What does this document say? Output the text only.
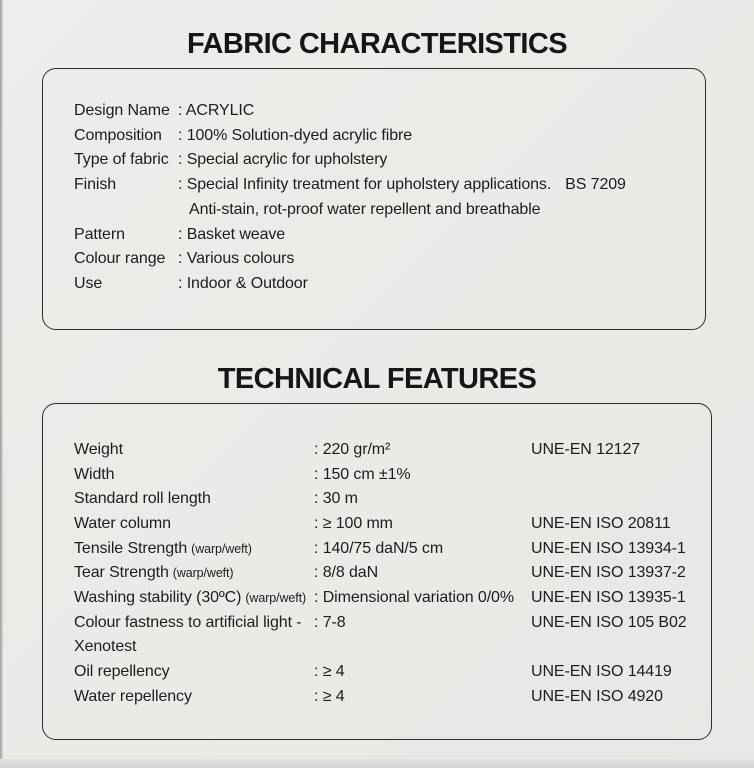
FABRIC CHARACTERISTICS
Design Name : ACRYLIC
Composition	: 100% Solution-dyed acrylic fibre
Type of fabric : Special acrylic for upholstery
Finish	: Special Infinity treatment for upholstery applications. BS 7209
Anti-stain, rot-proof water repellent and breathable
Pattern	: Basket weave
Colour range : Various colours
Use	: Indoor & Outdoor
TECHNICAL FEATURES
Weight	: 220 gr/m²	UNE-EN 12127
Width	: 150 cm ±1%
Standard roll length	: 30 m
Water column	: ≥ 100 mm	UNE-EN ISO 20811
Tensile Strength (warp/weft)	: 140/75 daN/5 cm	UNE-EN ISO 13934-1
Tear Strength (warp/weft)	: 8/8 daN	UNE-EN ISO 13937-2
Washing stability (30ºC) (warp/weft) : Dimensional variation 0/0%	UNE-EN ISO 13935-1
Colour fastness to artificial light - : 7-8	UNE-EN ISO 105 B02
Xenotest
Oil repellency	: ≥ 4	UNE-EN ISO 14419
Water repellency	: ≥ 4	UNE-EN ISO 4920
